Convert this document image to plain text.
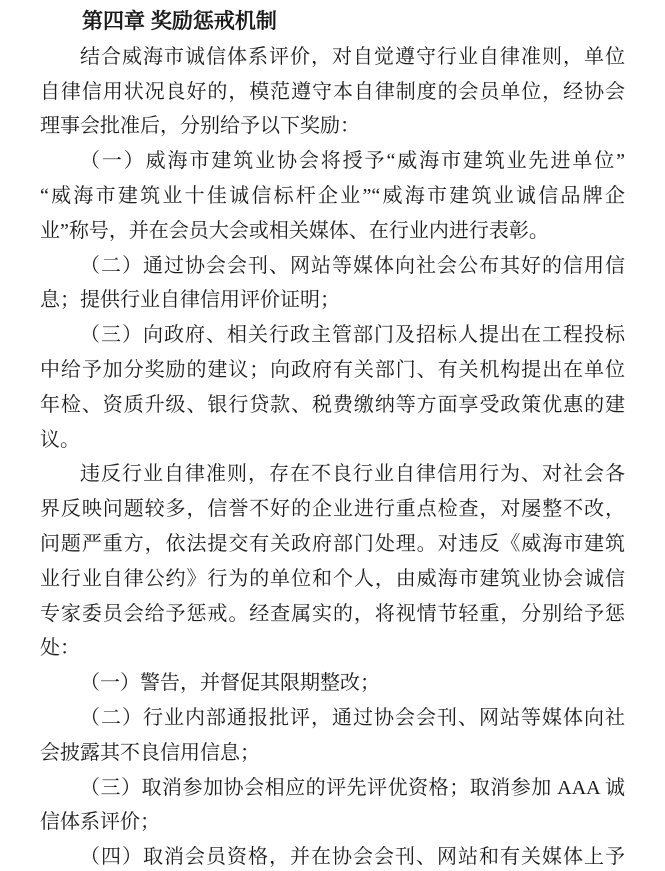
第四章 奖励惩戒机制
结合威海市诚信体系评价，对自觉遵守行业自律准则，单位
自律信用状况良好的，模范遵守本自律制度的会员单位，经协会
理事会批准后，分别给予以下奖励：
（一）威海市建筑业协会将授予“威海市建筑业先进单位”
“威海市建筑业十佳诚信标杆企业”“威海市建筑业诚信品牌企
业”称号，并在会员大会或相关媒体、在行业内进行表彰。
（二）通过协会会刊、网站等媒体向社会公布其好的信用信
息；提供行业自律信用评价证明；
（三）向政府、相关行政主管部门及招标人提出在工程投标
中给予加分奖励的建议；向政府有关部门、有关机构提出在单位
年检、资质升级、银行贷款、税费缴纳等方面享受政策优惠的建
议。
违反行业自律准则，存在不良行业自律信用行为、对社会各
界反映问题较多，信誉不好的企业进行重点检查，对屡整不改，
问题严重方，依法提交有关政府部门处理。对违反《威海市建筑
业行业自律公约》行为的单位和个人，由威海市建筑业协会诚信
专家委员会给予惩戒。经查属实的，将视情节轻重，分别给予惩
处：
（一）警告，并督促其限期整改；
（二）行业内部通报批评，通过协会会刊、网站等媒体向社
会披露其不良信用信息；
（三）取消参加协会相应的评先评优资格；取消参加 AAA 诚
信体系评价；
（四）取消会员资格，并在协会会刊、网站和有关媒体上予
